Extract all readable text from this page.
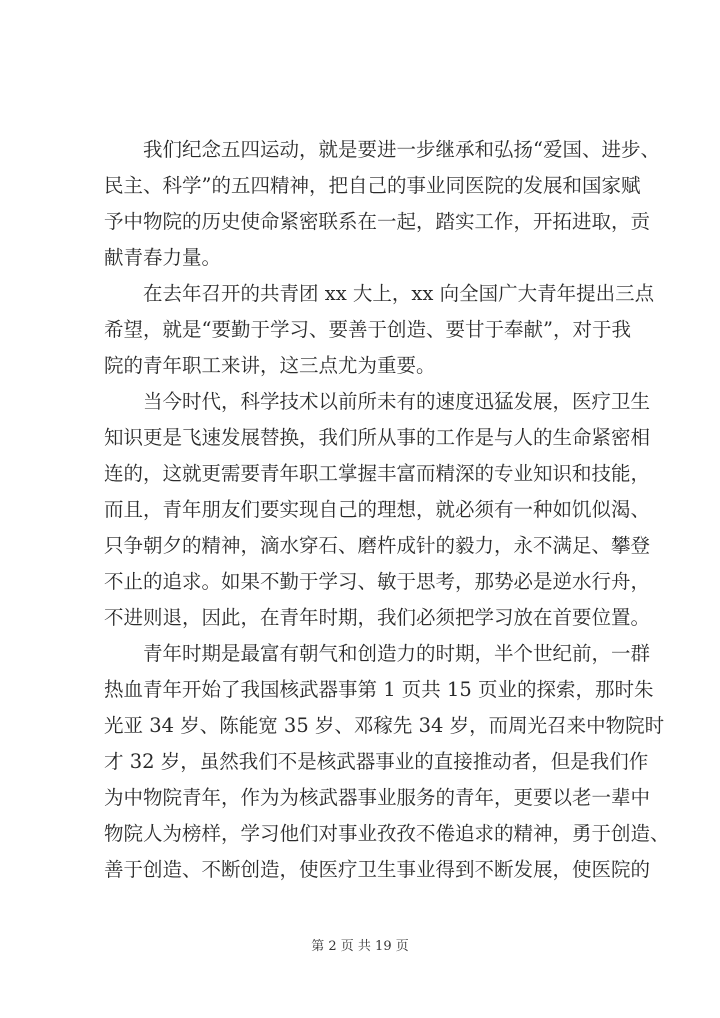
我们纪念五四运动，就是要进一步继承和弘扬“爱国、进步、
民主、科学”的五四精神，把自己的事业同医院的发展和国家赋
予中物院的历史使命紧密联系在一起，踏实工作，开拓进取，贡
献青春力量。
在去年召开的共青团 xx 大上，xx 向全国广大青年提出三点
希望，就是“要勤于学习、要善于创造、要甘于奉献”，对于我
院的青年职工来讲，这三点尤为重要。
当今时代，科学技术以前所未有的速度迅猛发展，医疗卫生
知识更是飞速发展替换，我们所从事的工作是与人的生命紧密相
连的，这就更需要青年职工掌握丰富而精深的专业知识和技能，
而且，青年朋友们要实现自己的理想，就必须有一种如饥似渴、
只争朝夕的精神，滴水穿石、磨杵成针的毅力，永不满足、攀登
不止的追求。如果不勤于学习、敏于思考，那势必是逆水行舟，
不进则退，因此，在青年时期，我们必须把学习放在首要位置。
青年时期是最富有朝气和创造力的时期，半个世纪前，一群
热血青年开始了我国核武器事第 1 页共 15 页业的探索，那时朱
光亚 34 岁、陈能宽 35 岁、邓稼先 34 岁，而周光召来中物院时
才 32 岁，虽然我们不是核武器事业的直接推动者，但是我们作
为中物院青年，作为为核武器事业服务的青年，更要以老一辈中
物院人为榜样，学习他们对事业孜孜不倦追求的精神，勇于创造、
善于创造、不断创造，使医疗卫生事业得到不断发展，使医院的
第 2 页 共 19 页
